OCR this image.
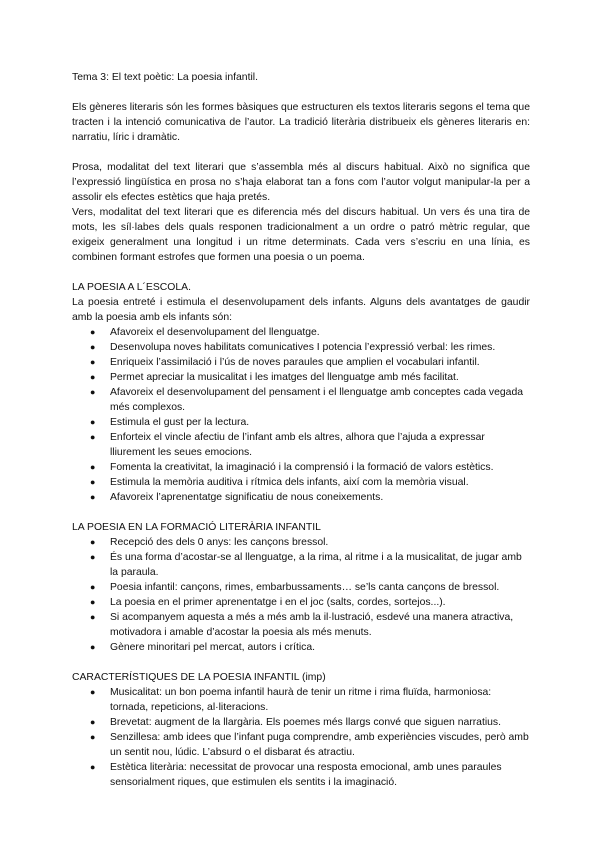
Tema 3: El text poètic: La poesia infantil.

Els gèneres literaris són les formes bàsiques que estructuren els textos literaris segons el tema que tracten i la intenció comunicativa de l’autor. La tradició literària distribueix els gèneres literaris en: narratiu, líric i dramàtic.

Prosa, modalitat del text literari que s’assembla més al discurs habitual. Això no significa que l’expressió lingüística en prosa no s’haja elaborat tan a fons com l’autor volgut manipular-la per a assolir els efectes estètics que haja pretés.

Vers, modalitat del text literari que es diferencia més del discurs habitual. Un vers és una tira de mots, les síl·labes dels quals responen tradicionalment a un ordre o patró mètric regular, que exigeix generalment una longitud i un ritme determinats. Cada vers s’escriu en una línia, es combinen formant estrofes que formen una poesia o un poema.

LA POESIA A L´ESCOLA.

La poesia entreté i estimula el desenvolupament dels infants. Alguns dels avantatges de gaudir amb la poesia amb els infants són:

● Afavoreix el desenvolupament del llenguatge.
● Desenvolupa noves habilitats comunicatives I potencia l’expressió verbal: les rimes.
● Enriqueix l’assimilació i l’ús de noves paraules que amplien el vocabulari infantil.
● Permet apreciar la musicalitat i les imatges del llenguatge amb més facilitat.
● Afavoreix el desenvolupament del pensament i el llenguatge amb conceptes cada vegada més complexos.
● Estimula el gust per la lectura.
● Enforteix el vincle afectiu de l’infant amb els altres, alhora que l’ajuda a expressar lliurement les seues emocions.
● Fomenta la creativitat, la imaginació i la comprensió i la formació de valors estètics.
● Estimula la memòria auditiva i rítmica dels infants, així com la memòria visual.
● Afavoreix l’aprenentatge significatiu de nous coneixements.

LA POESIA EN LA FORMACIÓ LITERÀRIA INFANTIL

● Recepció des dels 0 anys: les cançons bressol.
● És una forma d’acostar-se al llenguatge, a la rima, al ritme i a la musicalitat, de jugar amb la paraula.
● Poesia infantil: cançons, rimes, embarbussaments… se’ls canta cançons de bressol.
● La poesia en el primer aprenentatge i en el joc (salts, cordes, sortejos...).
● Si acompanyem aquesta a més a més amb la il·lustració, esdevé una manera atractiva, motivadora i amable d’acostar la poesia als més menuts.
● Gènere minoritari pel mercat, autors i crítica.

CARACTERÍSTIQUES DE LA POESIA INFANTIL (imp)

● Musicalitat: un bon poema infantil haurà de tenir un ritme i rima fluïda, harmoniosa: tornada, repeticions, al·literacions.
● Brevetat: augment de la llargària. Els poemes més llargs convé que siguen narratius.
● Senzillesa: amb idees que l’infant puga comprendre, amb experiències viscudes, però amb un sentit nou, lúdic. L’absurd o el disbarat és atractiu.
● Estètica literària: necessitat de provocar una resposta emocional, amb unes paraules sensorialment riques, que estimulen els sentits i la imaginació.
